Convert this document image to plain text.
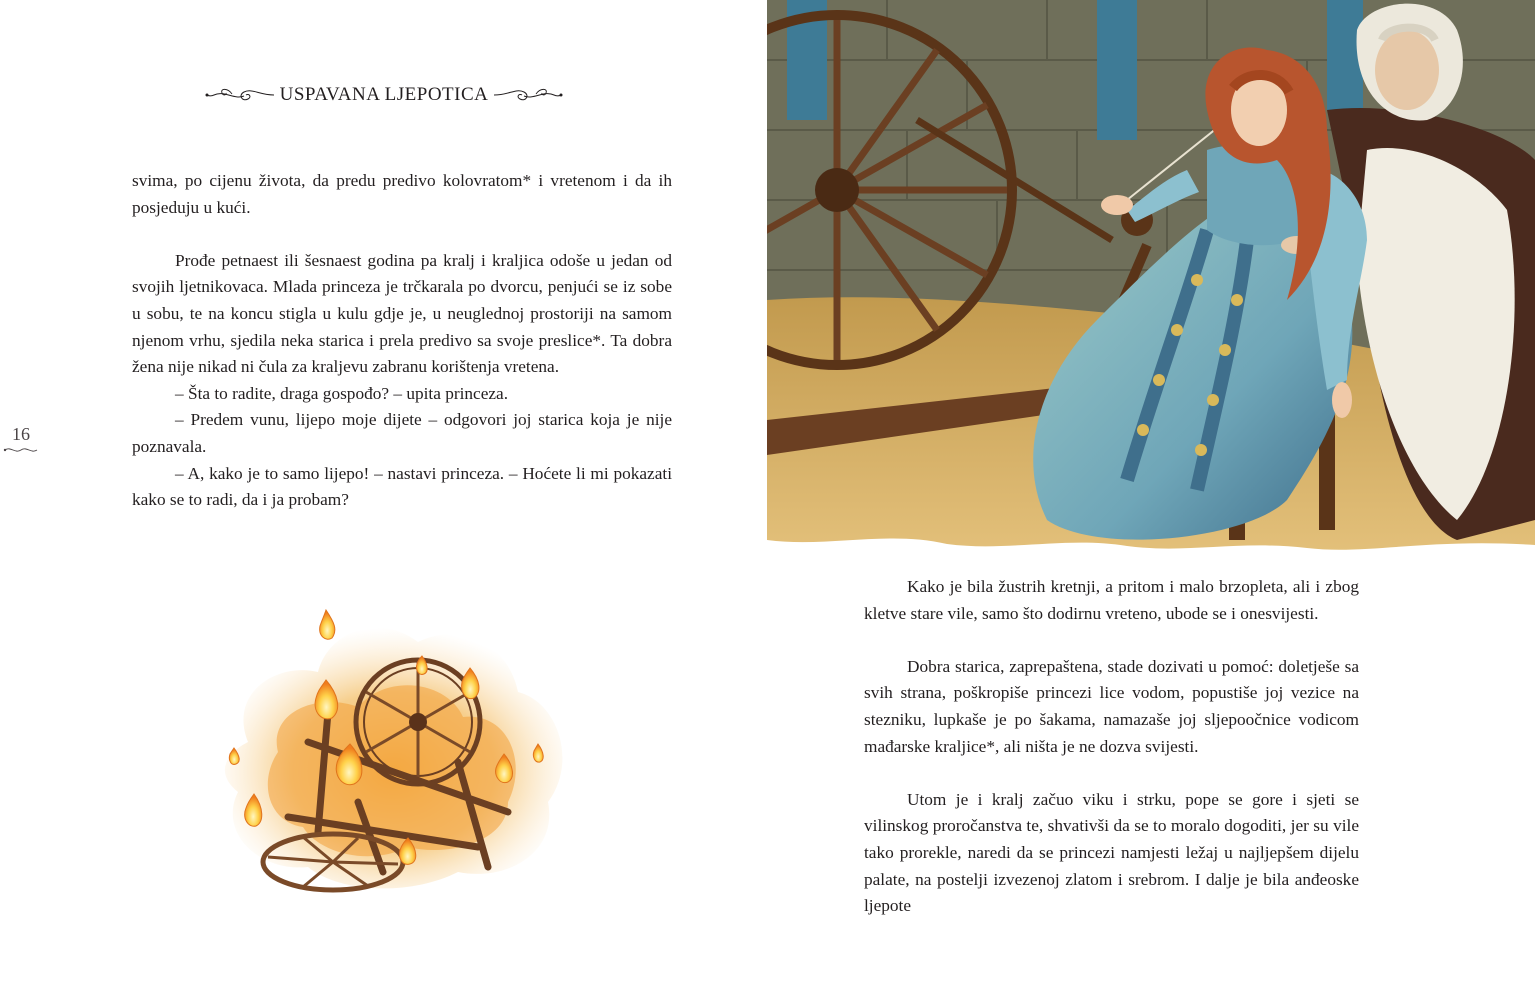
USPAVANA LJEPOTICA

svima, po cijenu života, da predu predivo kolovratom* i vretenom i da ih posjeduju u kući.

Prođe petnaest ili šesnaest godina pa kralj i kraljica odoše u jedan od svojih ljetnikovaca. Mlada princeza je trčkarala po dvorcu, penjući se iz sobe u sobu, te na koncu stigla u kulu gdje je, u neuglednoj prostoriji na samom njenom vrhu, sjedila neka starica i prela predivo sa svoje preslice*. Ta dobra žena nije nikad ni čula za kraljevu zabranu korištenja vretena.

– Šta to radite, draga gospođo? – upita princeza.

– Predem vunu, lijepo moje dijete – odgovori joj starica koja je nije poznavala.

– A, kako je to samo lijepo! – nastavi princeza. – Hoćete li mi pokazati kako se to radi, da i ja probam?

16

Kako je bila žustrih kretnji, a pritom i malo brzopleta, ali i zbog kletve stare vile, samo što dodirnu vreteno, ubode se i onesvijesti.

Dobra starica, zaprepaštena, stade dozivati u pomoć: doletješe sa svih strana, poškropiše princezi lice vodom, popustiše joj vezice na stezniku, lupkaše je po šakama, namazaše joj sljepoočnice vodicom mađarske kraljice*, ali ništa je ne dozva svijesti.

Utom je i kralj začuo viku i strku, pope se gore i sjeti se vilinskog proročanstva te, shvativši da se to moralo dogoditi, jer su vile tako prorekle, naredi da se princezi namjesti ležaj u najljepšem dijelu palate, na postelji izvezenoj zlatom i srebrom. I dalje je bila anđeoske ljepote
